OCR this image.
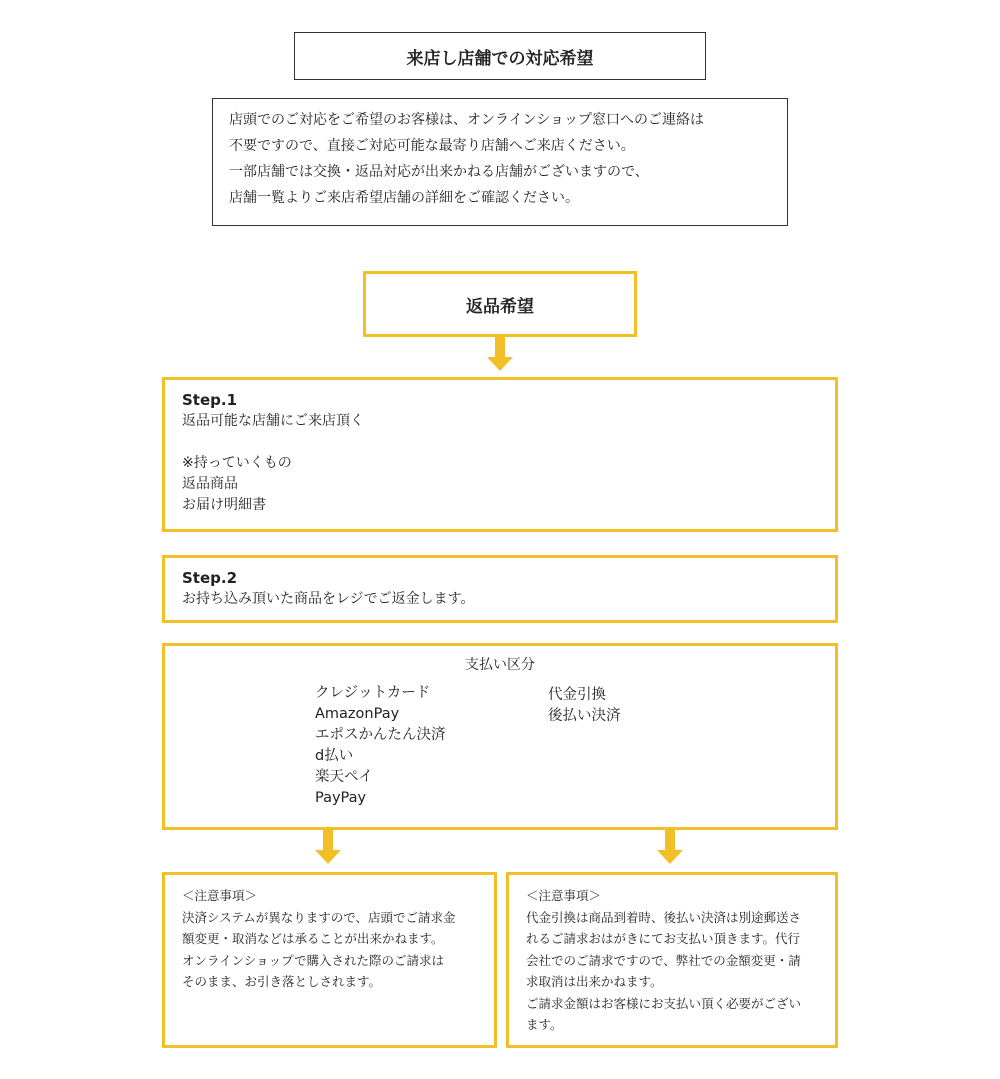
来店し店舗での対応希望
店頭でのご対応をご希望のお客様は、オンラインショップ窓口へのご連絡は
不要ですので、直接ご対応可能な最寄り店舗へご来店ください。
一部店舗では交換・返品対応が出来かねる店舗がございますので、
店舗一覧よりご来店希望店舗の詳細をご確認ください。
返品希望
Step.1
返品可能な店舗にご来店頂く
※持っていくもの
返品商品
お届け明細書
Step.2
お持ち込み頂いた商品をレジでご返金します。
支払い区分
クレジットカード
AmazonPay
エポスかんたん決済
d払い
楽天ペイ
PayPay
代金引換
後払い決済
＜注意事項＞
決済システムが異なりますので、店頭でご請求金
額変更・取消などは承ることが出来かねます。
オンラインショップで購入された際のご請求は
そのまま、お引き落としされます。
＜注意事項＞
代金引換は商品到着時、後払い決済は別途郵送さ
れるご請求おはがきにてお支払い頂きます。代行
会社でのご請求ですので、弊社での金額変更・請
求取消は出来かねます。
ご請求金額はお客様にお支払い頂く必要がござい
ます。
